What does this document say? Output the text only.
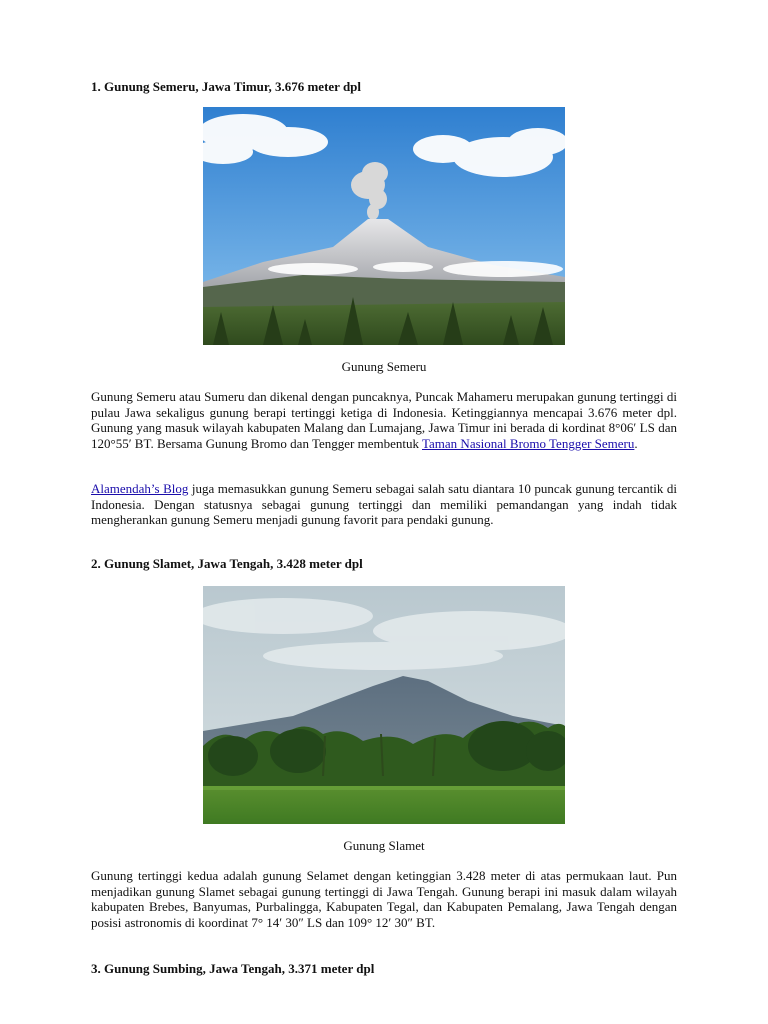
1. Gunung Semeru, Jawa Timur, 3.676 meter dpl
Gunung Semeru

Gunung Semeru atau Sumeru dan dikenal dengan puncaknya, Puncak Mahameru merupakan gunung tertinggi di pulau Jawa sekaligus gunung berapi tertinggi ketiga di Indonesia. Ketinggiannya mencapai 3.676 meter dpl. Gunung yang masuk wilayah kabupaten Malang dan Lumajang, Jawa Timur ini berada di kordinat 8°06′ LS dan 120°55′ BT. Bersama Gunung Bromo dan Tengger membentuk Taman Nasional Bromo Tengger Semeru.

Alamendah’s Blog juga memasukkan gunung Semeru sebagai salah satu diantara 10 puncak gunung tercantik di Indonesia. Dengan statusnya sebagai gunung tertinggi dan memiliki pemandangan yang indah tidak mengherankan gunung Semeru menjadi gunung favorit para pendaki gunung.

2. Gunung Slamet, Jawa Tengah, 3.428 meter dpl
Gunung Slamet

Gunung tertinggi kedua adalah gunung Selamet dengan ketinggian 3.428 meter di atas permukaan laut. Pun menjadikan gunung Slamet sebagai gunung tertinggi di Jawa Tengah. Gunung berapi ini masuk dalam wilayah kabupaten Brebes, Banyumas, Purbalingga, Kabupaten Tegal, dan Kabupaten Pemalang, Jawa Tengah dengan posisi astronomis di koordinat 7° 14′ 30″ LS dan 109° 12′ 30″ BT.

3. Gunung Sumbing, Jawa Tengah, 3.371 meter dpl
